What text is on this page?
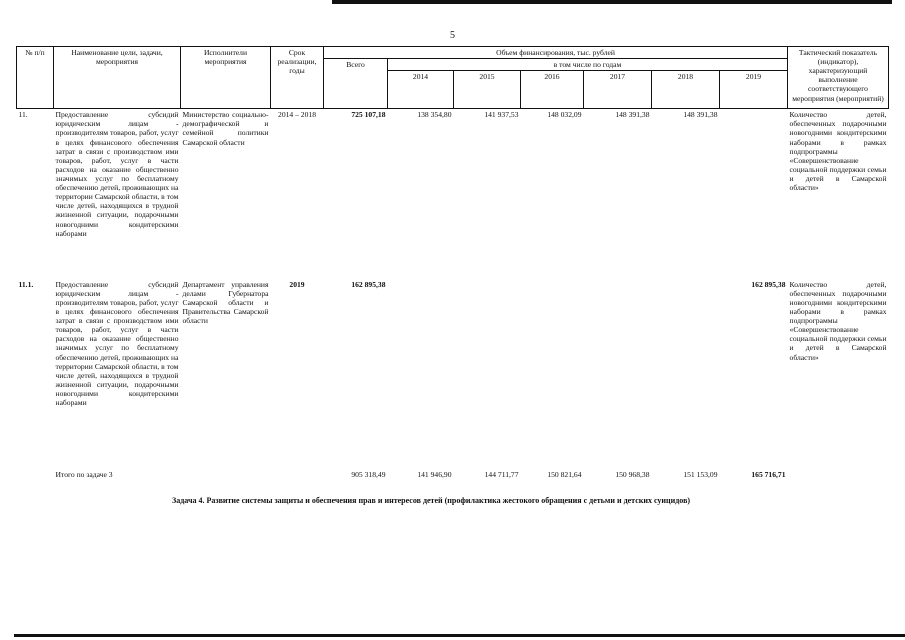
5
№ п/п	Наименование цели, задачи, мероприятия	Исполнители мероприятия	Срок реализации, годы	Объем финансирования, тыс. рублей							Тактический показатель (индикатор), характеризующий выполнение соответствующего мероприятия (мероприятий)
				Всего	в том числе по годам						
					2014	2015	2016	2017	2018	2019	
11.	Предоставление субсидий юридическим лицам - производителям товаров, работ, услуг в целях финансового обеспечения затрат в связи с производством ими товаров, работ, услуг в части расходов на оказание общественно значимых услуг по бесплатному обеспечению детей, проживающих на территории Самарской области, в том числе детей, находящихся в трудной жизненной ситуации, подарочными новогодними кондитерскими наборами	Министерство социально-демографической и семейной политики Самарской области	2014 – 2018	725 107,18	138 354,80	141 937,53	148 032,09	148 391,38	148 391,38		Количество детей, обеспеченных подарочными новогодними кондитерскими наборами в рамках подпрограммы «Совершенствование социальной поддержки семьи и детей в Самарской области»
11.1.	Предоставление субсидий юридическим лицам - производителям товаров, работ, услуг в целях финансового обеспечения затрат в связи с производством ими товаров, работ, услуг в части расходов на оказание общественно значимых услуг по бесплатному обеспечению детей, проживающих на территории Самарской области, в том числе детей, находящихся в трудной жизненной ситуации, подарочными новогодними кондитерскими наборами	Департамент управления делами Губернатора Самарской области и Правительства Самарской области	2019	162 895,38						162 895,38	Количество детей, обеспеченных подарочными новогодними кондитерскими наборами в рамках подпрограммы «Совершенствование социальной поддержки семьи и детей в Самарской области»
	Итого по задаче 3			905 318,49	141 946,90	144 711,77	150 821,64	150 968,38	151 153,09	165 716,71	
Задача 4. Развитие системы защиты и обеспечения прав и интересов детей (профилактика жестокого обращения с детьми и детских суицидов)
